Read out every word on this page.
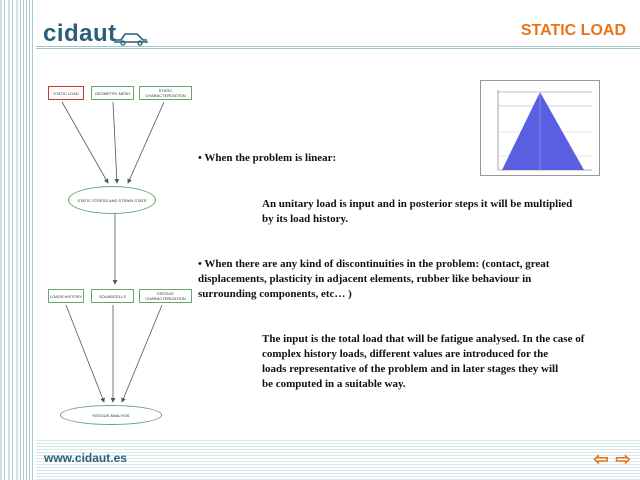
cidaut	STATIC LOAD
STATIC LOAD	GEOMETRY MESH	STATIC CHARACTERIZATION
STATIC STRESS AND STRAIN STATE
LOADS HISTORY	SOUNDCELLS	FATIGUE CHARACTERIZATION
FATIGUE ANALYSIS
• When the problem is linear:
An unitary load is input and in posterior steps it will be multiplied
by its load history.
• When there are any kind of discontinuities in the problem: (contact, great
displacements, plasticity in adjacent elements, rubber like behaviour in
surrounding components, etc… )
The input is the total load that will be fatigue analysed. In the case of
complex history loads, different values are introduced for the
loads representative of the problem and in later stages they will
be computed in a suitable way.
www.cidaut.es	⇦ ⇨
